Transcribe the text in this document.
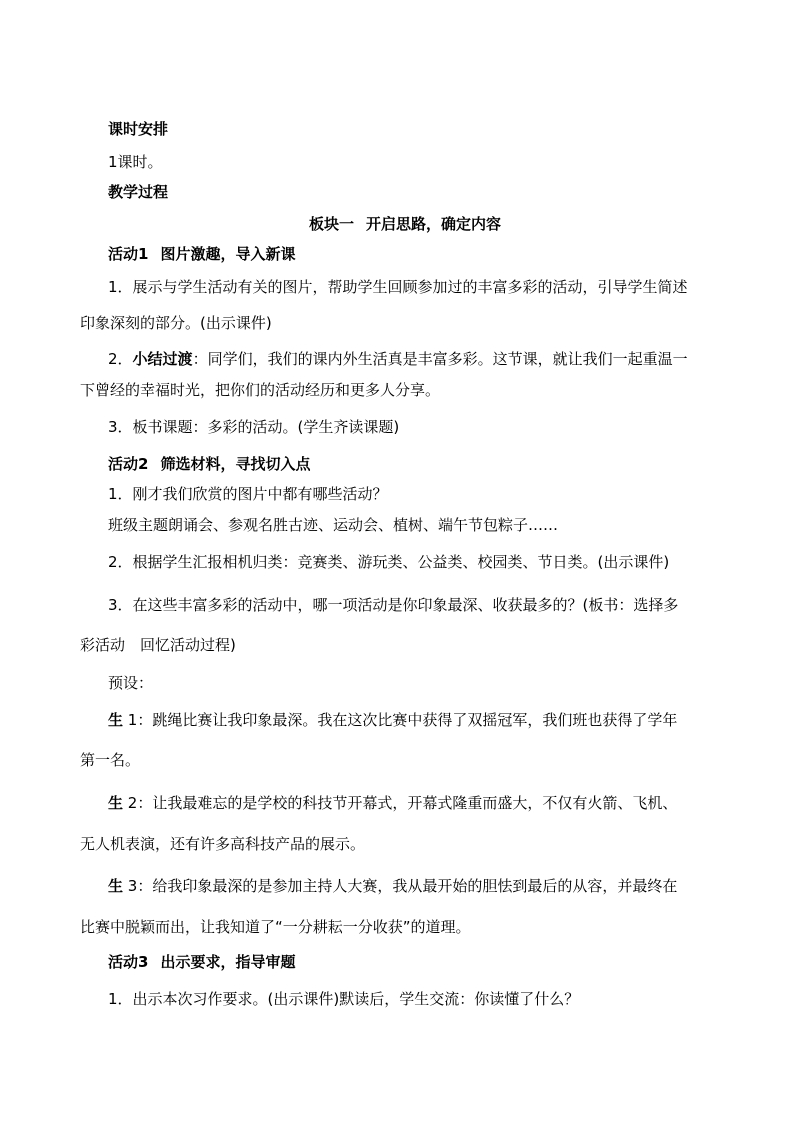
课时安排
1课时。
教学过程
板块一 开启思路，确定内容
活动1 图片激趣，导入新课
1．展示与学生活动有关的图片，帮助学生回顾参加过的丰富多彩的活动，引导学生简述
印象深刻的部分。(出示课件)
2．小结过渡：同学们，我们的课内外生活真是丰富多彩。这节课，就让我们一起重温一
下曾经的幸福时光，把你们的活动经历和更多人分享。
3．板书课题：多彩的活动。(学生齐读课题)
活动2 筛选材料，寻找切入点
1．刚才我们欣赏的图片中都有哪些活动？
班级主题朗诵会、参观名胜古迹、运动会、植树、端午节包粽子……
2．根据学生汇报相机归类：竞赛类、游玩类、公益类、校园类、节日类。(出示课件)
3．在这些丰富多彩的活动中，哪一项活动是你印象最深、收获最多的？(板书：选择多
彩活动　回忆活动过程)
预设：
生 1：跳绳比赛让我印象最深。我在这次比赛中获得了双摇冠军，我们班也获得了学年
第一名。
生 2：让我最难忘的是学校的科技节开幕式，开幕式隆重而盛大，不仅有火箭、飞机、
无人机表演，还有许多高科技产品的展示。
生 3：给我印象最深的是参加主持人大赛，我从最开始的胆怯到最后的从容，并最终在
比赛中脱颖而出，让我知道了“一分耕耘一分收获”的道理。
活动3 出示要求，指导审题
1．出示本次习作要求。(出示课件)默读后，学生交流：你读懂了什么？
